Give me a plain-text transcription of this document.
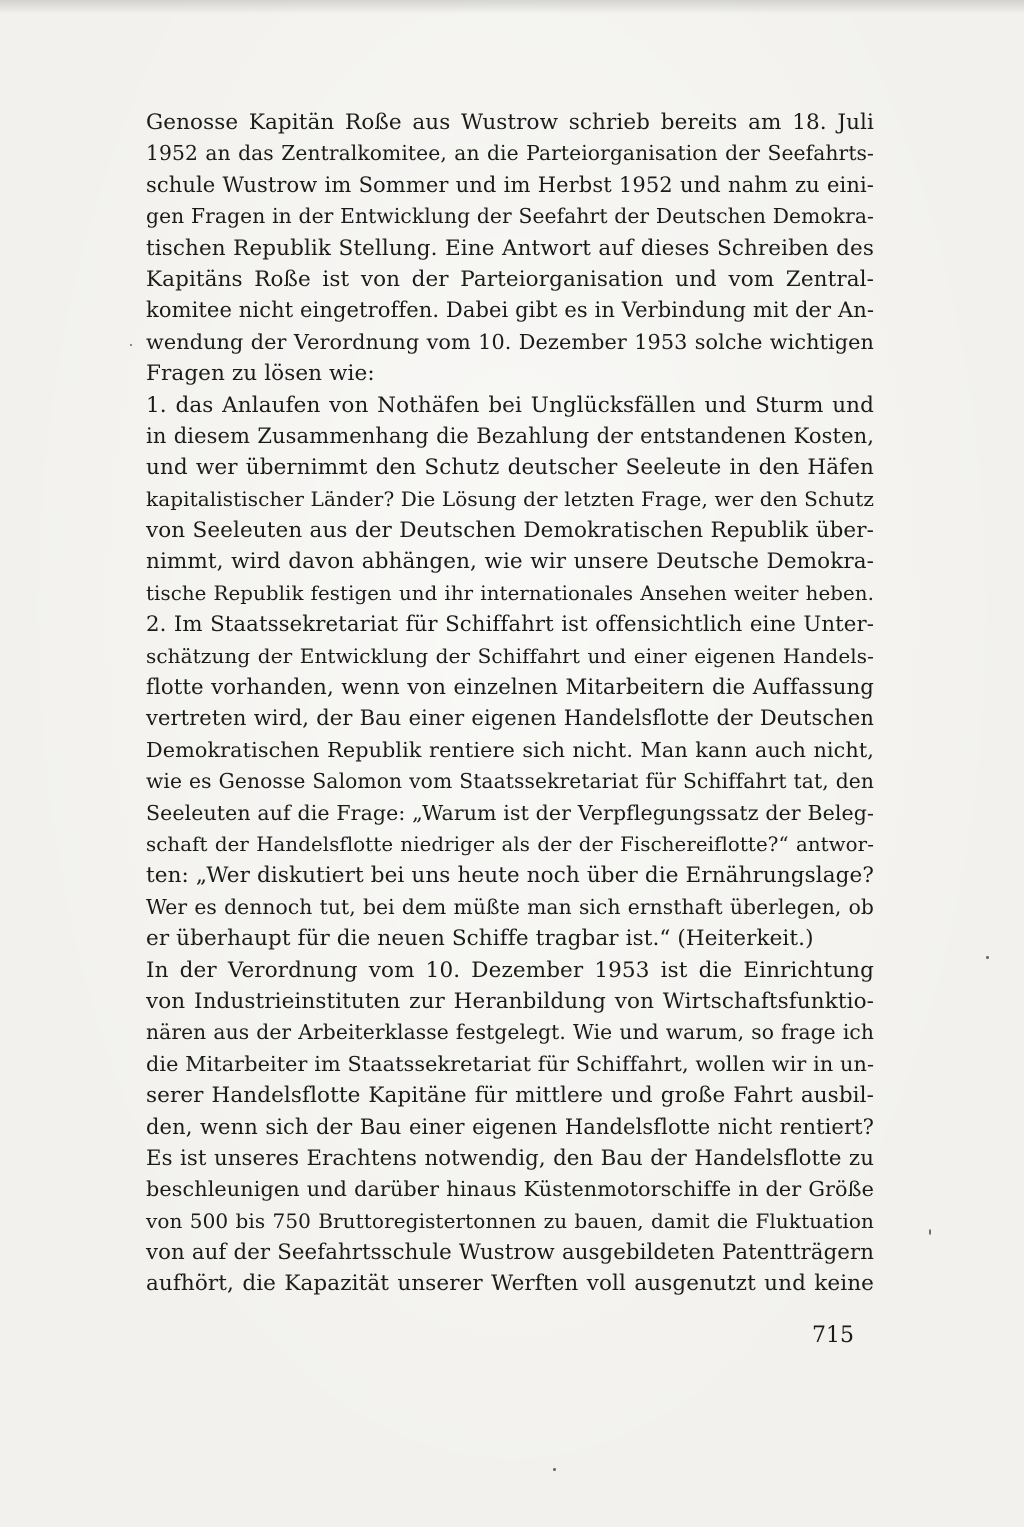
Genosse Kapitän Roße aus Wustrow schrieb bereits am 18. Juli
1952 an das Zentralkomitee, an die Parteiorganisation der Seefahrts-
schule Wustrow im Sommer und im Herbst 1952 und nahm zu eini-
gen Fragen in der Entwicklung der Seefahrt der Deutschen Demokra-
tischen Republik Stellung. Eine Antwort auf dieses Schreiben des
Kapitäns Roße ist von der Parteiorganisation und vom Zentral-
komitee nicht eingetroffen. Dabei gibt es in Verbindung mit der An-
wendung der Verordnung vom 10. Dezember 1953 solche wichtigen
Fragen zu lösen wie:
1. das Anlaufen von Nothäfen bei Unglücksfällen und Sturm und
in diesem Zusammenhang die Bezahlung der entstandenen Kosten,
und wer übernimmt den Schutz deutscher Seeleute in den Häfen
kapitalistischer Länder? Die Lösung der letzten Frage, wer den Schutz
von Seeleuten aus der Deutschen Demokratischen Republik über-
nimmt, wird davon abhängen, wie wir unsere Deutsche Demokra-
tische Republik festigen und ihr internationales Ansehen weiter heben.
2. Im Staatssekretariat für Schiffahrt ist offensichtlich eine Unter-
schätzung der Entwicklung der Schiffahrt und einer eigenen Handels-
flotte vorhanden, wenn von einzelnen Mitarbeitern die Auffassung
vertreten wird, der Bau einer eigenen Handelsflotte der Deutschen
Demokratischen Republik rentiere sich nicht. Man kann auch nicht,
wie es Genosse Salomon vom Staatssekretariat für Schiffahrt tat, den
Seeleuten auf die Frage: „Warum ist der Verpflegungssatz der Beleg-
schaft der Handelsflotte niedriger als der der Fischereiflotte?“ antwor-
ten: „Wer diskutiert bei uns heute noch über die Ernährungslage?
Wer es dennoch tut, bei dem müßte man sich ernsthaft überlegen, ob
er überhaupt für die neuen Schiffe tragbar ist.“ (Heiterkeit.)
In der Verordnung vom 10. Dezember 1953 ist die Einrichtung
von Industrieinstituten zur Heranbildung von Wirtschaftsfunktio-
nären aus der Arbeiterklasse festgelegt. Wie und warum, so frage ich
die Mitarbeiter im Staatssekretariat für Schiffahrt, wollen wir in un-
serer Handelsflotte Kapitäne für mittlere und große Fahrt ausbil-
den, wenn sich der Bau einer eigenen Handelsflotte nicht rentiert?
Es ist unseres Erachtens notwendig, den Bau der Handelsflotte zu
beschleunigen und darüber hinaus Küstenmotorschiffe in der Größe
von 500 bis 750 Bruttoregistertonnen zu bauen, damit die Fluktuation
von auf der Seefahrtsschule Wustrow ausgebildeten Patentträgern
aufhört, die Kapazität unserer Werften voll ausgenutzt und keine
715
